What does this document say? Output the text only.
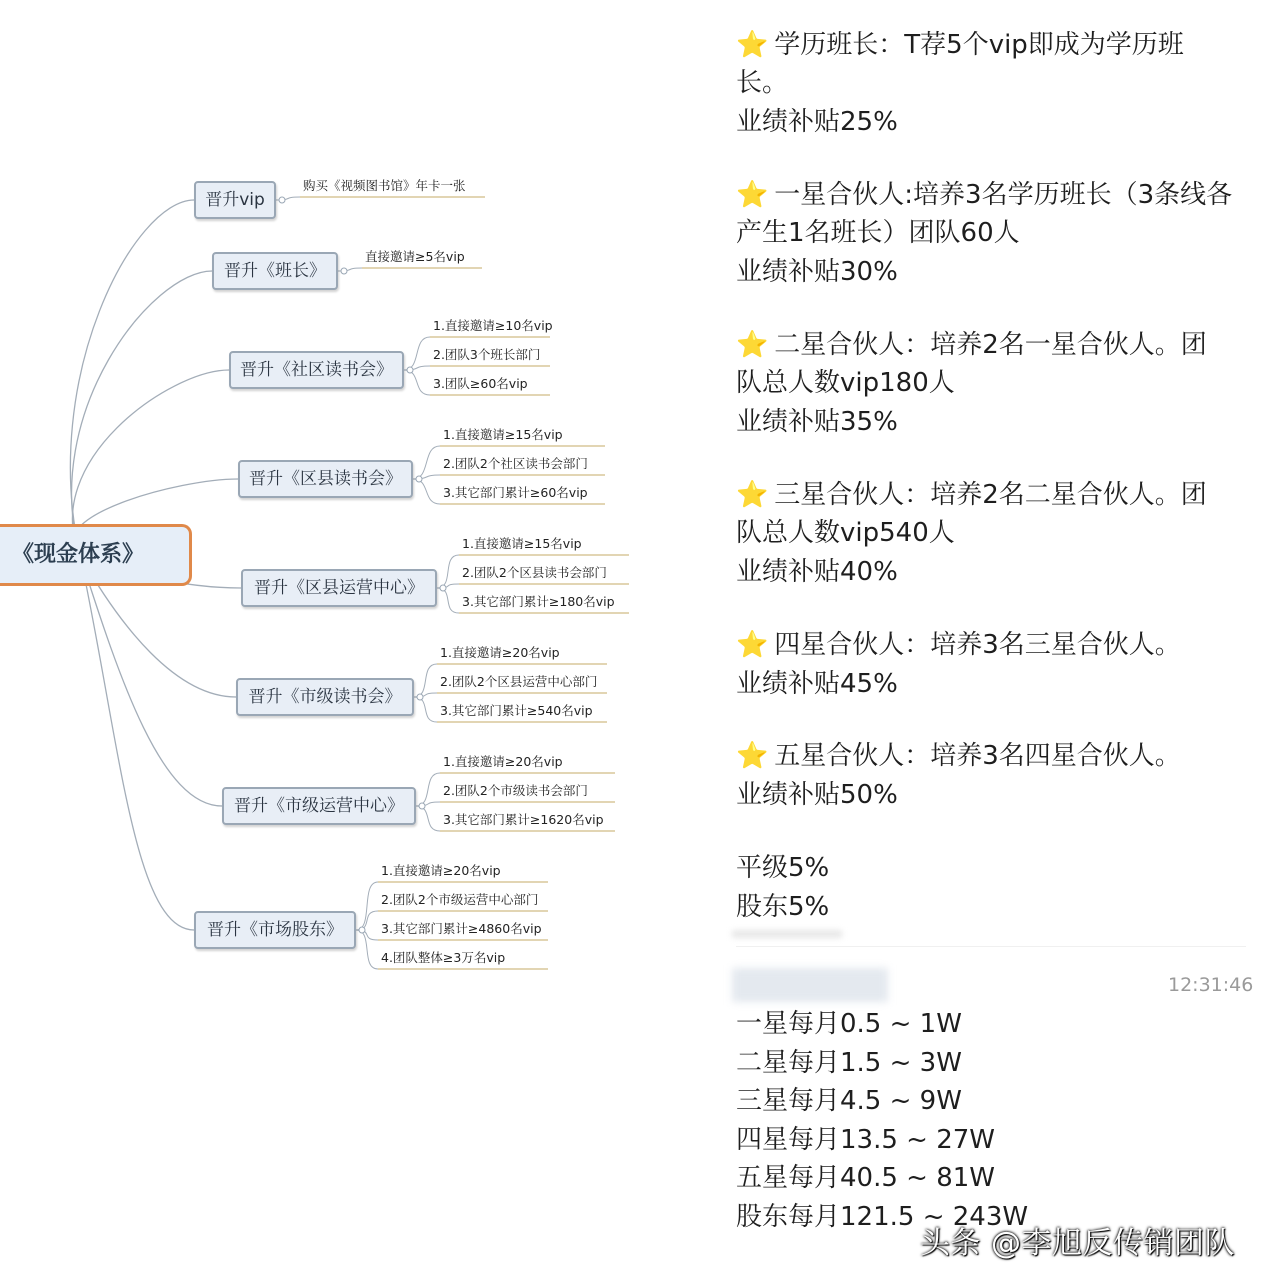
《现金体系》
晋升vip
购买《视频图书馆》年卡一张
晋升《班长》
直接邀请≥5名vip
晋升《社区读书会》
1.直接邀请≥10名vip
2.团队3个班长部门
3.团队≥60名vip
晋升《区县读书会》
1.直接邀请≥15名vip
2.团队2个社区读书会部门
3.其它部门累计≥60名vip
晋升《区县运营中心》
1.直接邀请≥15名vip
2.团队2个区县读书会部门
3.其它部门累计≥180名vip
晋升《市级读书会》
1.直接邀请≥20名vip
2.团队2个区县运营中心部门
3.其它部门累计≥540名vip
晋升《市级运营中心》
1.直接邀请≥20名vip
2.团队2个市级读书会部门
3.其它部门累计≥1620名vip
晋升《市场股东》
1.直接邀请≥20名vip
2.团队2个市级运营中心部门
3.其它部门累计≥4860名vip
4.团队整体≥3万名vip
⭐ 学历班长：T荐5个vip即成为学历班
长。
业绩补贴25%
⭐ 一星合伙人:培养3名学历班长（3条线各
产生1名班长）团队60人
业绩补贴30%
⭐ 二星合伙人：培养2名一星合伙人。团
队总人数vip180人
业绩补贴35%
⭐ 三星合伙人：培养2名二星合伙人。团
队总人数vip540人
业绩补贴40%
⭐ 四星合伙人：培养3名三星合伙人。
业绩补贴45%
⭐ 五星合伙人：培养3名四星合伙人。
业绩补贴50%
平级5%
股东5%
12:31:46
一星每月0.5 ~ 1W
二星每月1.5 ~ 3W
三星每月4.5 ~ 9W
四星每月13.5 ~ 27W
五星每月40.5 ~ 81W
股东每月121.5 ~ 243W
头条 @李旭反传销团队
